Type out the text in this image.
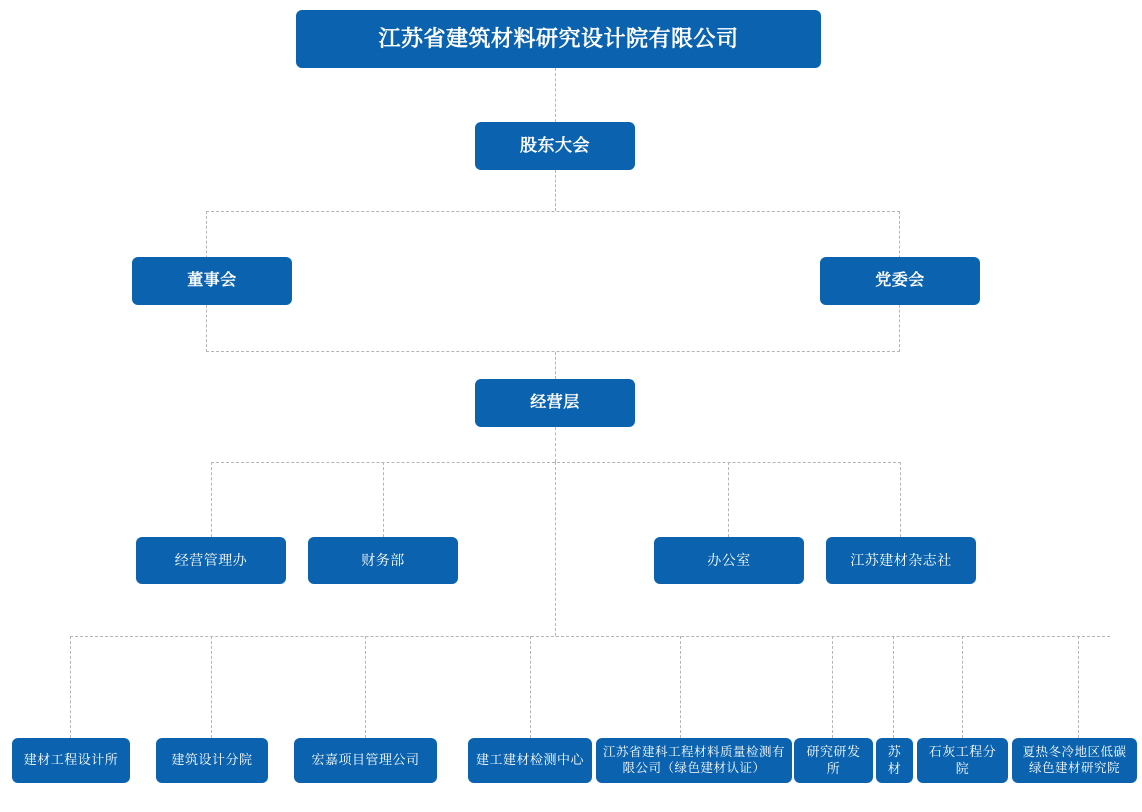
江苏省建筑材料研究设计院有限公司
股东大会
董事会	党委会
经营层
经营管理办	财务部	办公室	江苏建材杂志社
建材工程设计所	建筑设计分院	宏嘉项目管理公司	建工建材检测中心
江苏省建科工程材料质量检测有限公司（绿色建材认证）
研究研发所
苏材
石灰工程分院
夏热冬冷地区低碳绿色建材研究院
